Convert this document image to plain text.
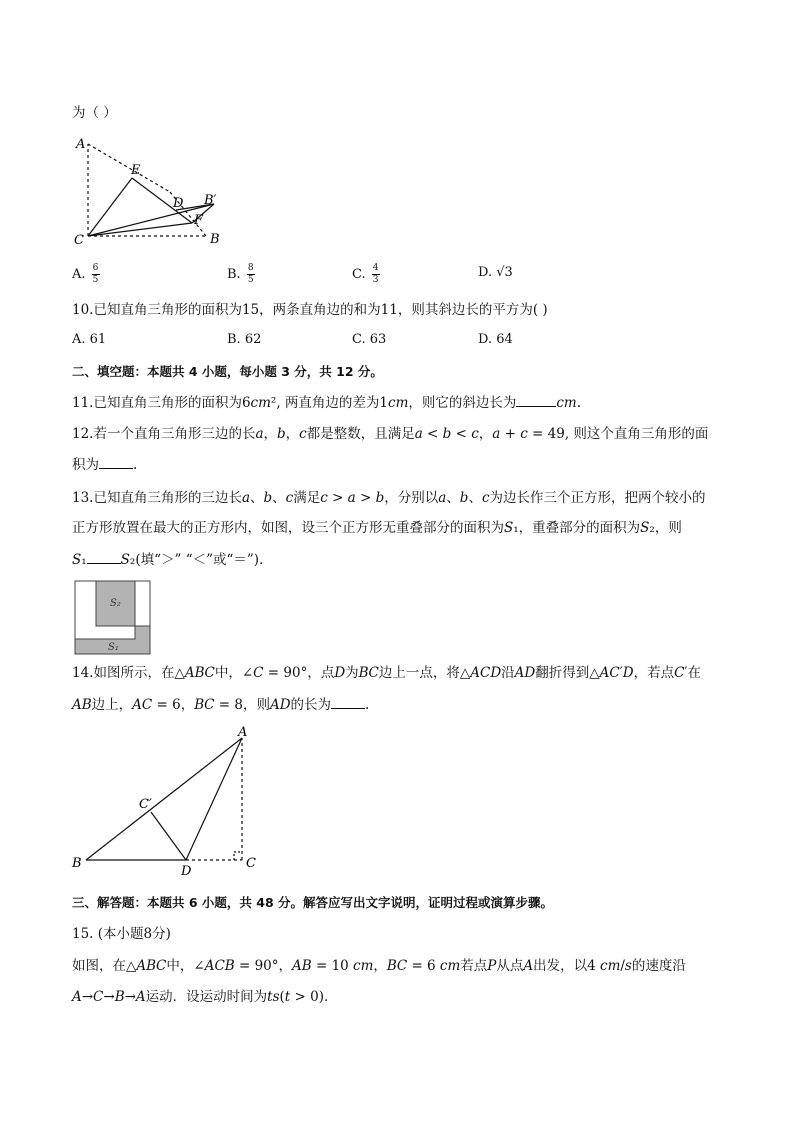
为（ ）
A
E
D B′
F
C	B
A. $\frac{6}{5}$	B. $\frac{8}{5}$	C. $\frac{4}{3}$	D. √3
10.已知直角三角形的面积为15，两条直角边的和为11，则其斜边长的平方为( )
A. 61	B. 62	C. 63	D. 64
二、填空题：本题共 4 小题，每小题 3 分，共 12 分。
11.已知直角三角形的面积为6𝑐𝑚², 两直角边的差为1𝑐𝑚，则它的斜边长为	𝑐𝑚.
12.若一个直角三角形三边的长𝑎，𝑏，𝑐都是整数，且满足𝑎 < 𝑏 < 𝑐，𝑎 + 𝑐 = 49, 则这个直角三角形的面
积为	.
13.已知直角三角形的三边长𝑎、𝑏、𝑐满足𝑐 > 𝑎 > 𝑏，分别以𝑎、𝑏、𝑐为边长作三个正方形，把两个较小的
正方形放置在最大的正方形内，如图，设三个正方形无重叠部分的面积为𝑆₁，重叠部分的面积为𝑆₂，则
𝑆₁	𝑆₂(填“＞” “＜”或“＝”)．
S₂
S₁
14.如图所示，在△𝐴𝐵𝐶中，∠𝐶 = 90°，点𝐷为𝐵𝐶边上一点，将△𝐴𝐶𝐷沿𝐴𝐷翻折得到△𝐴𝐶′𝐷，若点𝐶′在
𝐴𝐵边上，𝐴𝐶 = 6，𝐵𝐶 = 8，则𝐴𝐷的长为	.
A
C′
B
D
C
三、解答题：本题共 6 小题，共 48 分。解答应写出文字说明，证明过程或演算步骤。
15. (本小题8分)
如图，在△𝐴𝐵𝐶中，∠𝐴𝐶𝐵 = 90°，𝐴𝐵 = 10 𝑐𝑚，𝐵𝐶 = 6 𝑐𝑚若点𝑃从点𝐴出发，以4 𝑐𝑚/𝑠的速度沿
𝐴→𝐶→𝐵→𝐴运动．设运动时间为𝑡𝑠(𝑡 > 0)．
